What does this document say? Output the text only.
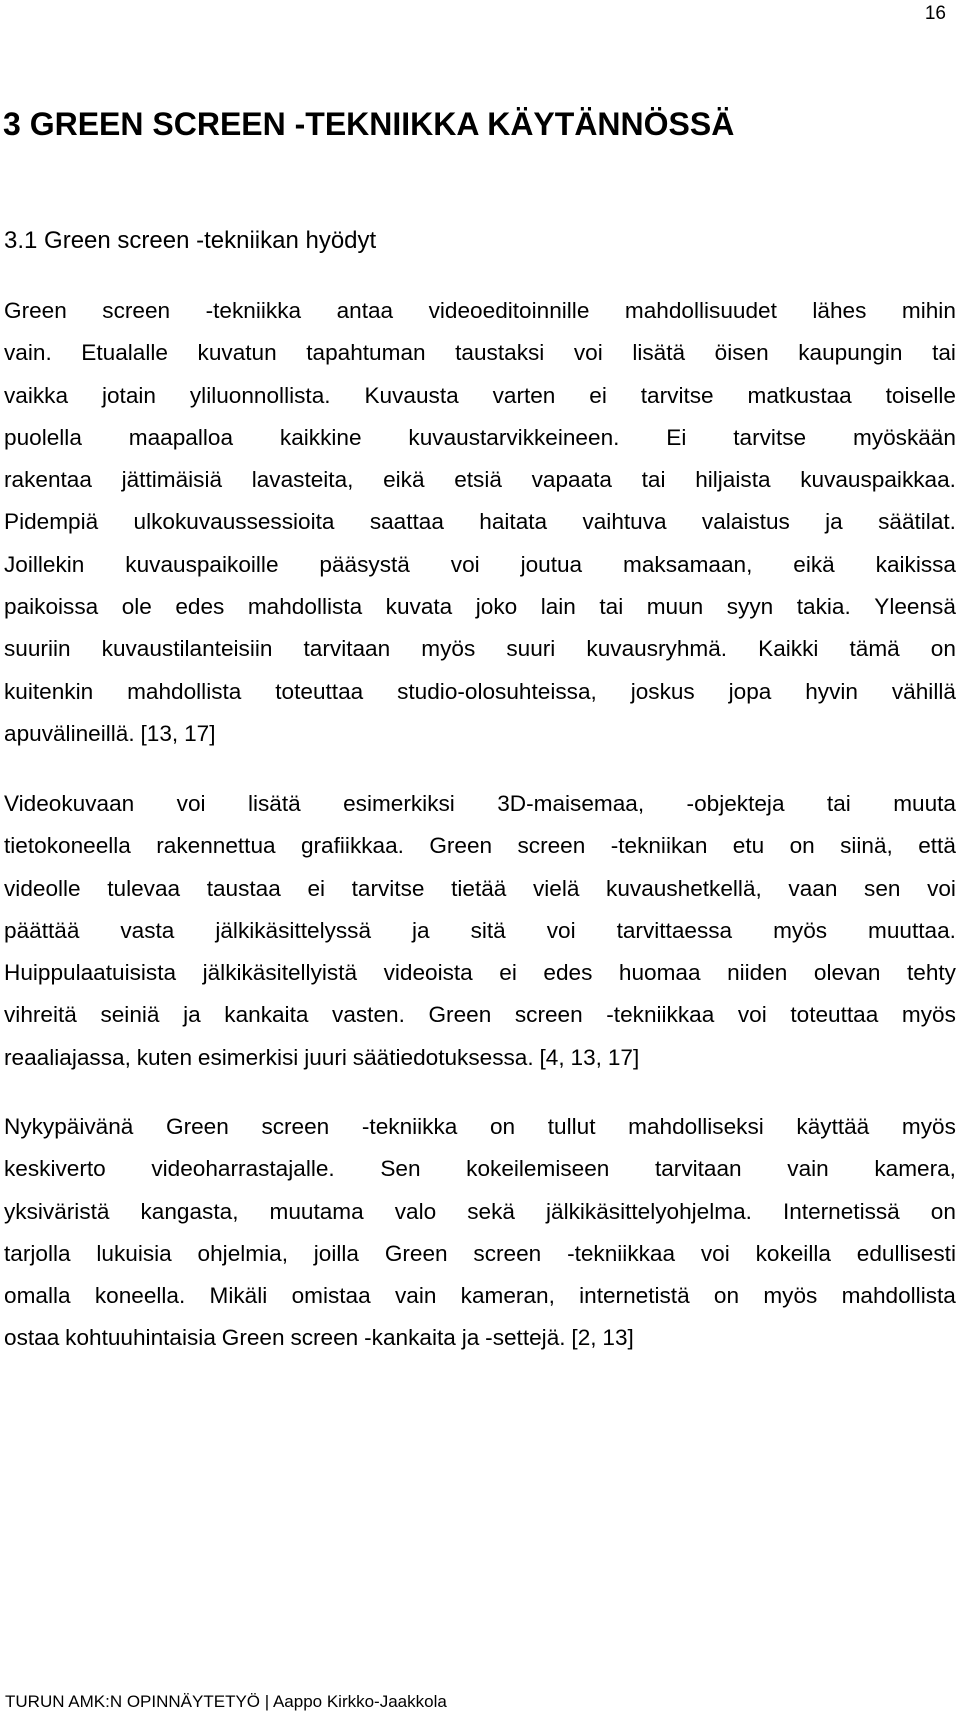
16
3 GREEN SCREEN -TEKNIIKKA KÄYTÄNNÖSSÄ
3.1 Green screen -tekniikan hyödyt
Green screen -tekniikka antaa videoeditoinnille mahdollisuudet lähes mihin
vain. Etualalle kuvatun tapahtuman taustaksi voi lisätä öisen kaupungin tai
vaikka jotain yliluonnollista. Kuvausta varten ei tarvitse matkustaa toiselle
puolella maapalloa kaikkine kuvaustarvikkeineen. Ei tarvitse myöskään
rakentaa jättimäisiä lavasteita, eikä etsiä vapaata tai hiljaista kuvauspaikkaa.
Pidempiä ulkokuvaussessioita saattaa haitata vaihtuva valaistus ja säätilat.
Joillekin kuvauspaikoille pääsystä voi joutua maksamaan, eikä kaikissa
paikoissa ole edes mahdollista kuvata joko lain tai muun syyn takia. Yleensä
suuriin kuvaustilanteisiin tarvitaan myös suuri kuvausryhmä. Kaikki tämä on
kuitenkin mahdollista toteuttaa studio-olosuhteissa, joskus jopa hyvin vähillä
apuvälineillä. [13, 17]
Videokuvaan voi lisätä esimerkiksi 3D-maisemaa, -objekteja tai muuta
tietokoneella rakennettua grafiikkaa. Green screen -tekniikan etu on siinä, että
videolle tulevaa taustaa ei tarvitse tietää vielä kuvaushetkellä, vaan sen voi
päättää vasta jälkikäsittelyssä ja sitä voi tarvittaessa myös muuttaa.
Huippulaatuisista jälkikäsitellyistä videoista ei edes huomaa niiden olevan tehty
vihreitä seiniä ja kankaita vasten. Green screen -tekniikkaa voi toteuttaa myös
reaaliajassa, kuten esimerkisi juuri säätiedotuksessa. [4, 13, 17]
Nykypäivänä Green screen -tekniikka on tullut mahdolliseksi käyttää myös
keskiverto videoharrastajalle. Sen kokeilemiseen tarvitaan vain kamera,
yksiväristä kangasta, muutama valo sekä jälkikäsittelyohjelma. Internetissä on
tarjolla lukuisia ohjelmia, joilla Green screen -tekniikkaa voi kokeilla edullisesti
omalla koneella. Mikäli omistaa vain kameran, internetistä on myös mahdollista
ostaa kohtuuhintaisia Green screen -kankaita ja -settejä. [2, 13]
TURUN AMK:N OPINNÄYTETYÖ | Aappo Kirkko-Jaakkola
